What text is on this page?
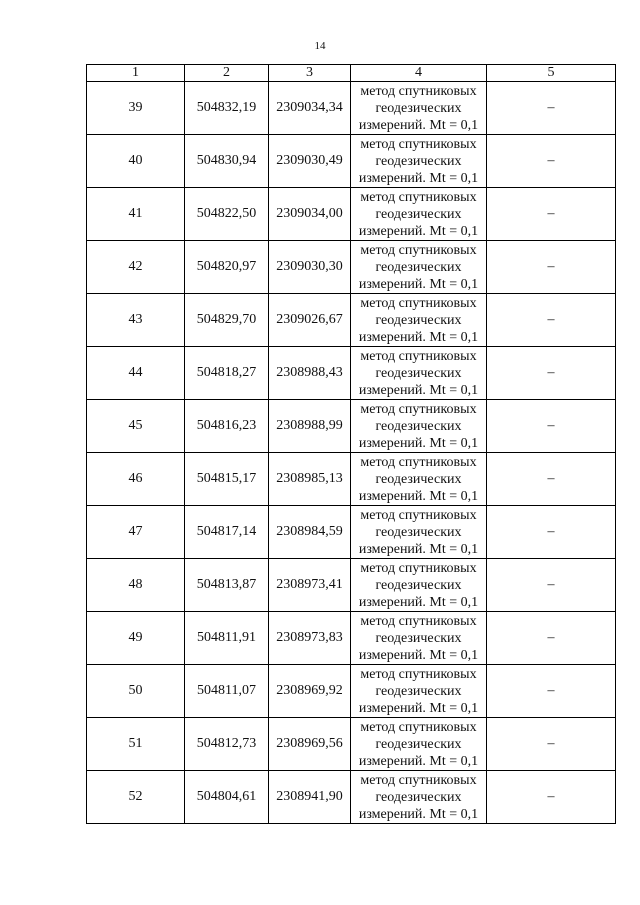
14
1	2	3	4	5
39	504832,19	2309034,34	метод спутниковых
геодезических
измерений. Mt = 0,1	–
40	504830,94	2309030,49	метод спутниковых
геодезических
измерений. Mt = 0,1	–
41	504822,50	2309034,00	метод спутниковых
геодезических
измерений. Mt = 0,1	–
42	504820,97	2309030,30	метод спутниковых
геодезических
измерений. Mt = 0,1	–
43	504829,70	2309026,67	метод спутниковых
геодезических
измерений. Mt = 0,1	–
44	504818,27	2308988,43	метод спутниковых
геодезических
измерений. Mt = 0,1	–
45	504816,23	2308988,99	метод спутниковых
геодезических
измерений. Mt = 0,1	–
46	504815,17	2308985,13	метод спутниковых
геодезических
измерений. Mt = 0,1	–
47	504817,14	2308984,59	метод спутниковых
геодезических
измерений. Mt = 0,1	–
48	504813,87	2308973,41	метод спутниковых
геодезических
измерений. Mt = 0,1	–
49	504811,91	2308973,83	метод спутниковых
геодезических
измерений. Mt = 0,1	–
50	504811,07	2308969,92	метод спутниковых
геодезических
измерений. Mt = 0,1	–
51	504812,73	2308969,56	метод спутниковых
геодезических
измерений. Mt = 0,1	–
52	504804,61	2308941,90	метод спутниковых
геодезических
измерений. Mt = 0,1	–
